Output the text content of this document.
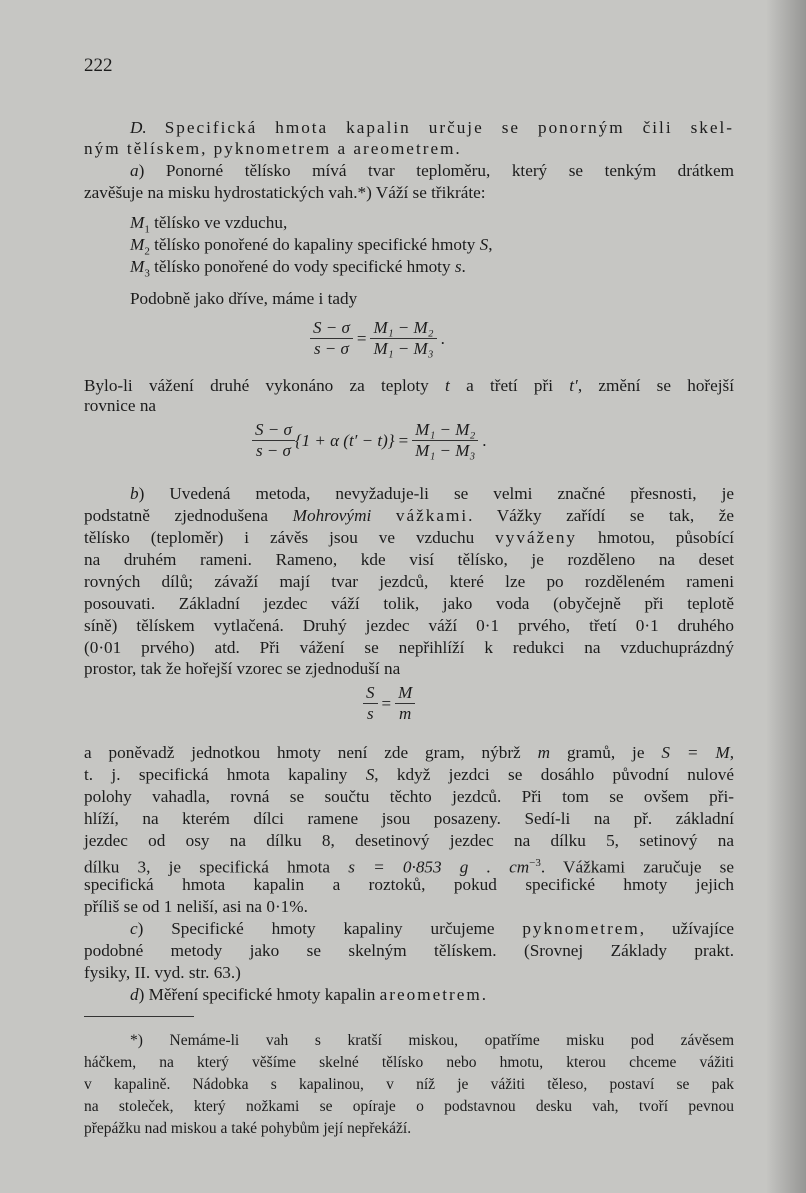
222
D. Specifická hmota kapalin určuje se ponorným čili skel-
ným tělískem, pyknometrem a areometrem.
a) Ponorné tělísko mívá tvar teploměru, který se tenkým drátkem
zavěšuje na misku hydrostatických vah.*) Váží se třikráte:
$M_1$ tělísko ve vzduchu,
$M_2$ tělísko ponořené do kapaliny specifické hmoty S,
$M_3$ tělísko ponořené do vody specifické hmoty s.
Podobně jako dříve, máme i tady
Bylo-li vážení druhé vykonáno za teploty t a třetí při t′, změní se hořejší
rovnice na
b) Uvedená metoda, nevyžaduje-li se velmi značné přesnosti, je
podstatně zjednodušena Mohrovými vážkami. Vážky zařídí se tak, že
tělísko (teploměr) i závěs jsou ve vzduchu vyváženy hmotou, působící
na druhém rameni. Rameno, kde visí tělísko, je rozděleno na deset
rovných dílů; závaží mají tvar jezdců, které lze po rozděleném rameni
posouvati. Základní jezdec váží tolik, jako voda (obyčejně při teplotě
síně) tělískem vytlačená. Druhý jezdec váží 0·1 prvého, třetí 0·1 druhého
(0·01 prvého) atd. Při vážení se nepřihlíží k redukci na vzduchuprázdný
prostor, tak že hořejší vzorec se zjednoduší na
a poněvadž jednotkou hmoty není zde gram, nýbrž m gramů, je S = M,
t. j. specifická hmota kapaliny S, když jezdci se dosáhlo původní nulové
polohy vahadla, rovná se součtu těchto jezdců. Při tom se ovšem při-
hlíží, na kterém dílci ramene jsou posazeny. Sedí-li na př. základní
jezdec od osy na dílku 8, desetinový jezdec na dílku 5, setinový na
dílku 3, je specifická hmota s = 0·853 g . $cm^{-3}$. Vážkami zaručuje se
specifická hmota kapalin a roztoků, pokud specifické hmoty jejich
příliš se od 1 neliší, asi na 0·1%.
c) Specifické hmoty kapaliny určujeme pyknometrem, užívajíce
podobné metody jako se skelným tělískem. (Srovnej Základy prakt.
fysiky, II. vyd. str. 63.)
d) Měření specifické hmoty kapalin areometrem.
*) Nemáme-li vah s kratší miskou, opatříme misku pod závěsem
háčkem, na který věšíme skelné tělísko nebo hmotu, kterou chceme vážiti
v kapalině. Nádobka s kapalinou, v níž je vážiti těleso, postaví se pak
na stoleček, který nožkami se opíraje o podstavnou desku vah, tvoří pevnou
přepážku nad miskou a také pohybům její nepřekáží.
$\frac{S - \sigma}{s - \sigma} = \frac{\text{M₁ − M₂}}{\text{M₁ − M₃}}$ .
$\frac{S - \sigma}{s - \sigma} \{1 + \alpha$ $(t' - t)\} = \frac{\text{M₁ − M₂}}{\text{M₁ − M₃}}$ .
$\frac{S}{s} = \frac{M}{m}$
